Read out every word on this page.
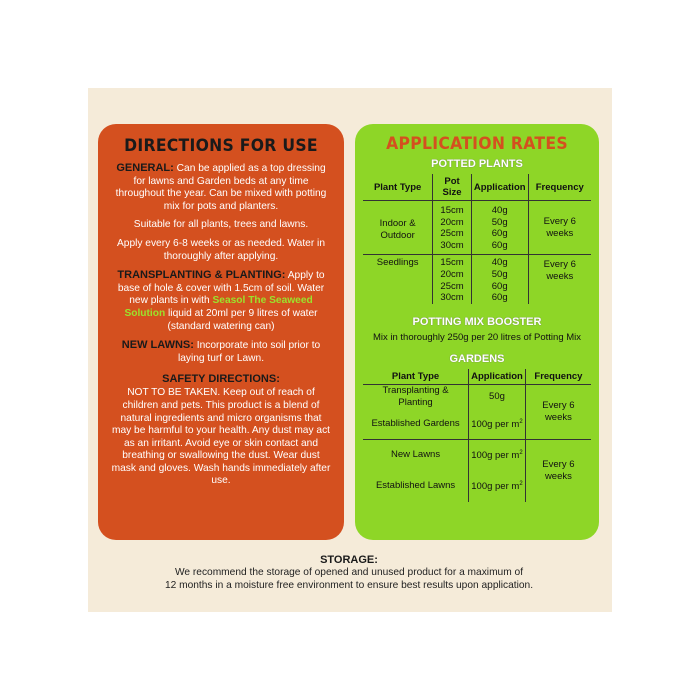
DIRECTIONS FOR USE

GENERAL: Can be applied as a top dressing for lawns and Garden beds at any time throughout the year. Can be mixed with potting mix for pots and planters.

Suitable for all plants, trees and lawns.

Apply every 6-8 weeks or as needed. Water in thoroughly after applying.

TRANSPLANTING & PLANTING: Apply to base of hole & cover with 1.5cm of soil. Water new plants in with Seasol The Seaweed Solution liquid at 20ml per 9 litres of water (standard watering can)

NEW LAWNS: Incorporate into soil prior to laying turf or Lawn.

SAFETY DIRECTIONS:

NOT TO BE TAKEN. Keep out of reach of children and pets. This product is a blend of natural ingredients and micro organisms that may be harmful to your health. Any dust may act as an irritant. Avoid eye or skin contact and breathing or swallowing the dust. Wear dust mask and gloves. Wash hands immediately after use.

APPLICATION RATES
POTTED PLANTS
Plant Type	Pot Size	Application	Frequency
Indoor & Outdoor	15cm	40g	Every 6 weeks
	20cm	50g	
	25cm	60g	
	30cm	60g	
Seedlings	15cm	40g	Every 6 weeks
	20cm	50g	
	25cm	60g	
	30cm	60g	
POTTING MIX BOOSTER
Mix in thoroughly 250g per 20 litres of Potting Mix
GARDENS
Plant Type	Application	Frequency
Transplanting & Planting	50g	Every 6 weeks
Established Gardens	100g per $m^2$
New Lawns	100g per $m^2$	Every 6 weeks
Established Lawns	100g per $m^2$
STORAGE:
We recommend the storage of opened and unused product for a maximum of
12 months in a moisture free environment to ensure best results upon application.
